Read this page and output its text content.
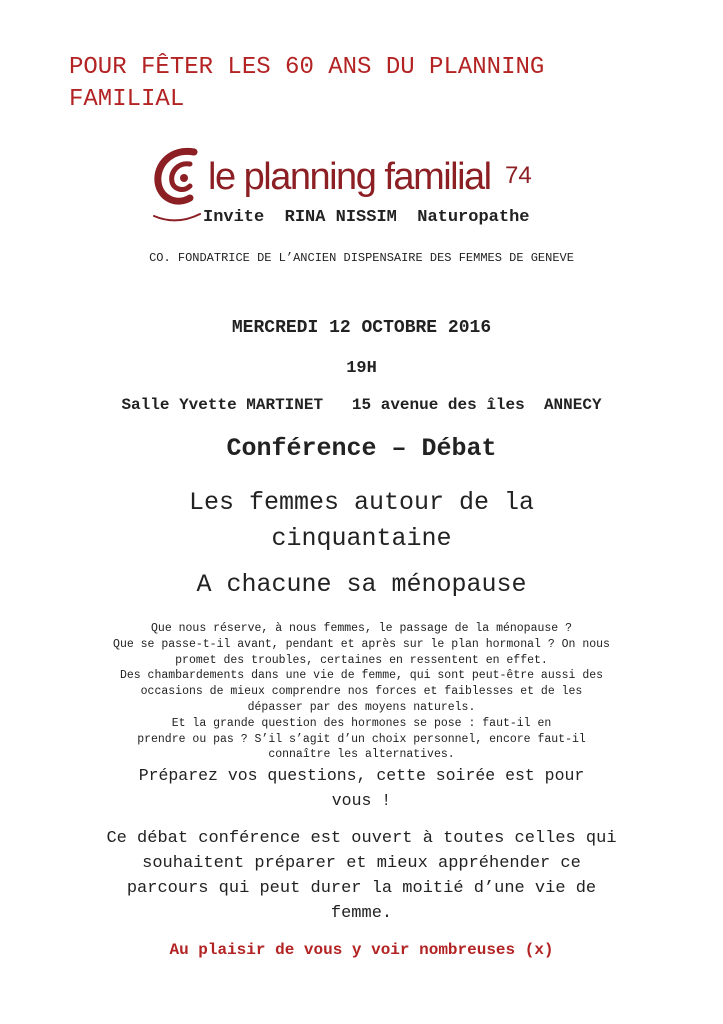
POUR FÊTER LES 60 ANS DU PLANNING
FAMILIAL
le planning familial 74
Invite RINA NISSIM Naturopathe
CO. FONDATRICE DE L’ANCIEN DISPENSAIRE DES FEMMES DE GENEVE
MERCREDI 12 OCTOBRE 2016
19H
Salle Yvette MARTINET 15 avenue des îles ANNECY
Conférence – Débat
Les femmes autour de la
cinquantaine
A chacune sa ménopause
Que nous réserve, à nous femmes, le passage de la ménopause ?
Que se passe-t-il avant, pendant et après sur le plan hormonal ? On nous
promet des troubles, certaines en ressentent en effet.
Des chambardements dans une vie de femme, qui sont peut-être aussi des
occasions de mieux comprendre nos forces et faiblesses et de les
dépasser par des moyens naturels.
Et la grande question des hormones se pose : faut-il en
prendre ou pas ? S’il s’agit d’un choix personnel, encore faut-il
connaître les alternatives.
Préparez vos questions, cette soirée est pour
vous !
Ce débat conférence est ouvert à toutes celles qui
souhaitent préparer et mieux appréhender ce
parcours qui peut durer la moitié d’une vie de
femme.
Au plaisir de vous y voir nombreuses (x)
